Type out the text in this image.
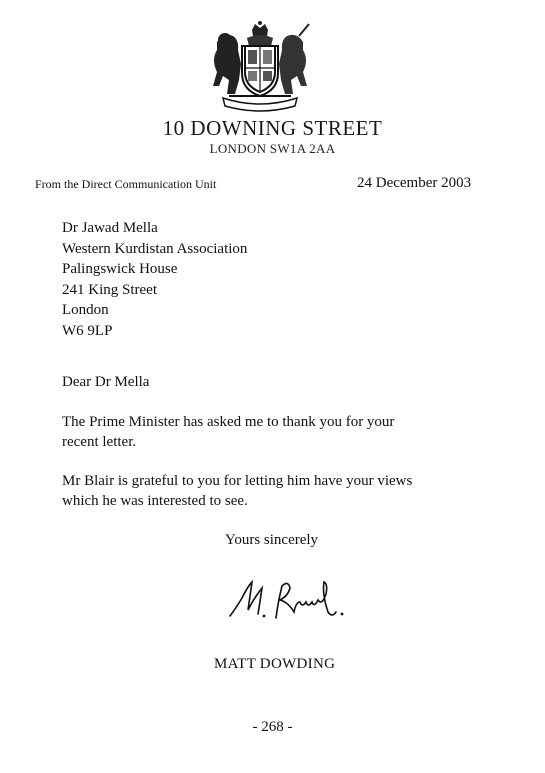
10 DOWNING STREET
LONDON SW1A 2AA
From the Direct Communication Unit	24 December 2003
Dr Jawad Mella
Western Kurdistan Association
Palingswick House
241 King Street
London
W6 9LP
Dear Dr Mella
The Prime Minister has asked me to thank you for your
recent letter.
Mr Blair is grateful to you for letting him have your views
which he was interested to see.
Yours sincerely
MATT DOWDING
- 268 -
